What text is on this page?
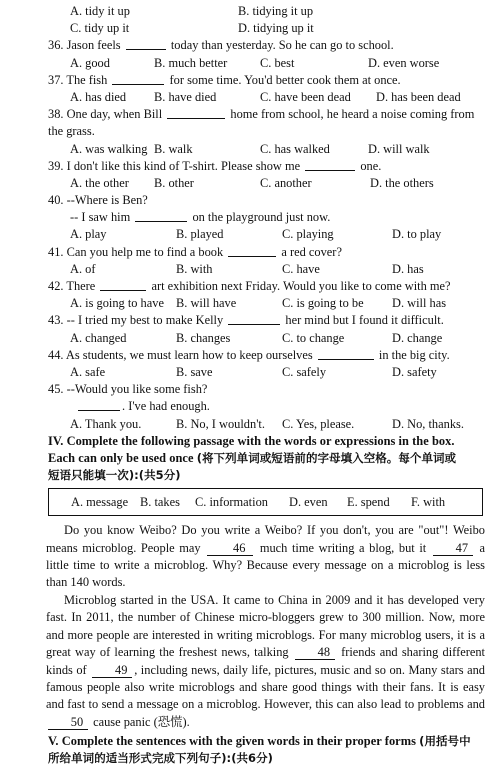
A. tidy it up	B. tidying it up
C. tidy up it	D. tidying up it
36. Jason feels	today than yesterday. So he can go to school.
A. good	B. much better	C. best	D. even worse
37. The fish	for some time. You'd better cook them at once.
A. has died B. have died	C. have been dead D. has been dead
38. One day, when Bill	home from school, he heard a noise coming from
the grass.
A. was walking B. walk	C. has walked	D. will walk
39. I don't like this kind of T-shirt. Please show me	one.
A. the other B. other	C. another	D. the others
40. --Where is Ben?
-- I saw him	on the playground just now.
A. play	B. played	C. playing	D. to play
41. Can you help me to find a book	a red cover?
A. of	B. with	C. have	D. has
42. There	art exhibition next Friday. Would you like to come with me?
A. is going to have B. will have	C. is going to be D. will has
43. -- I tried my best to make Kelly	her mind but I found it difficult.
A. changed	B. changes	C. to change	D. change
44. As students, we must learn how to keep ourselves	in the big city.
A. safe	B. save	C. safely	D. safety
45. --Would you like some fish?
. I've had enough.
A. Thank you.	B. No, I wouldn't. C. Yes, please.	D. No, thanks.
IV. Complete the following passage with the words or expressions in the box.
Each can only be used once (将下列单词或短语前的字母填入空格。每个单词或
短语只能填一次):(共5分)
A. message B. takes C. information D. even E. spend F. with

Do you know Weibo? Do you write a Weibo? If you don't, you are "out"! Weibo means microblog. People may	46 much time writing a blog, but it 47 a little time to write a microblog. Why? Because every message on a microblog is less than 140 words.

Microblog started in the USA. It came to China in 2009 and it has developed very fast. In 2011, the number of Chinese micro-bloggers grew to 300 million. Now, more and more people are interested in writing microblogs. For many microblog users, it is a great way of learning the freshest news, talking 48 friends and sharing different kinds of 49 , including news, daily life, pictures, music and so on. Many stars and famous people also write microblogs and share good things with their fans. It is easy and fast to send a message on a microblog. However, this can also lead to problems and 50 cause panic (恐慌).

V. Complete the sentences with the given words in their proper forms (用括号中
所给单词的适当形式完成下列句子):(共6分)
